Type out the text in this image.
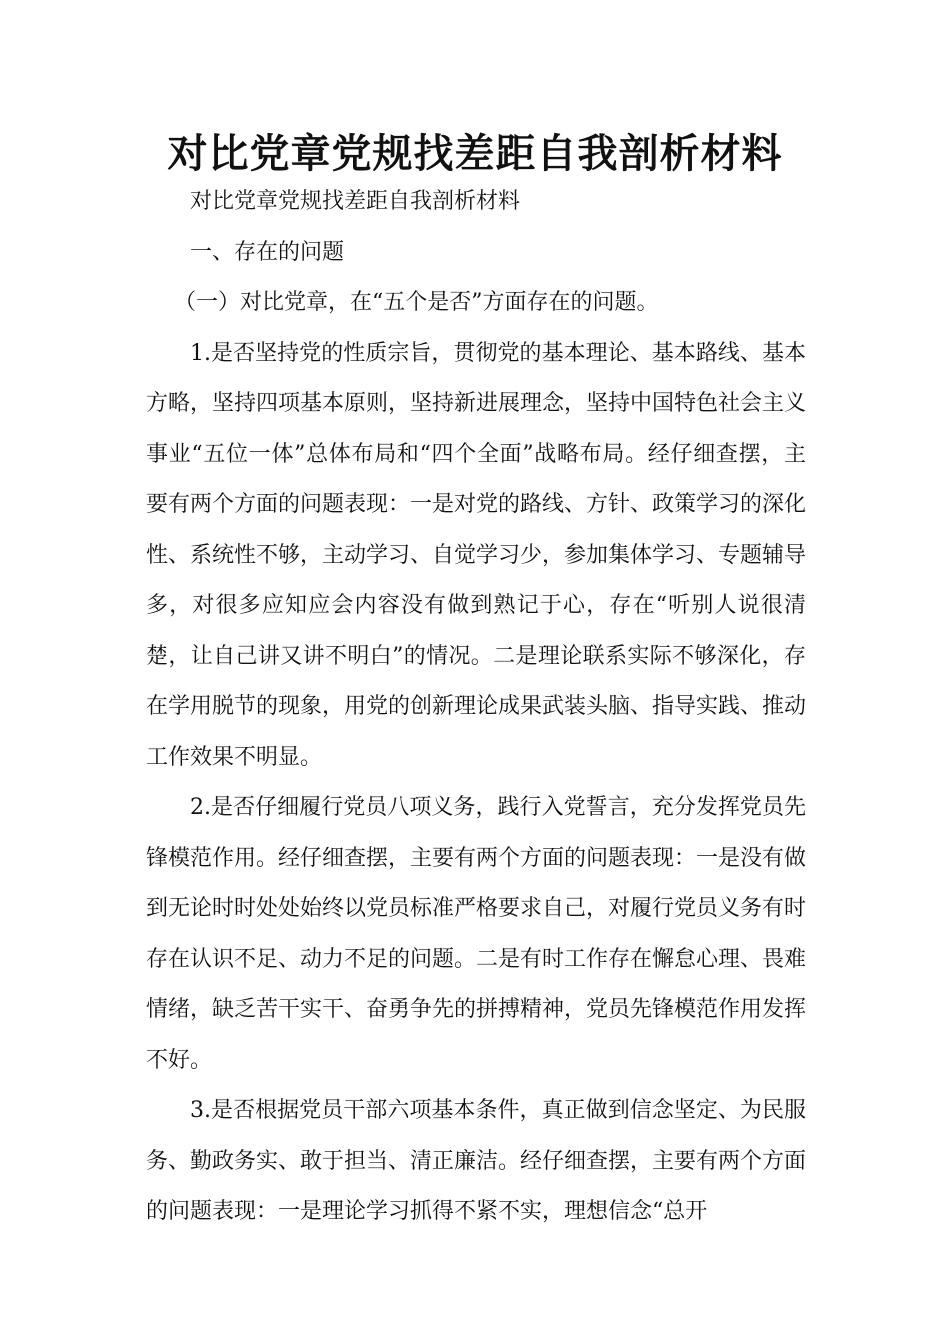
对比党章党规找差距自我剖析材料

对比党章党规找差距自我剖析材料

一、存在的问题

（一）对比党章，在“五个是否”方面存在的问题。

1.是否坚持党的性质宗旨，贯彻党的基本理论、基本路线、基本方略，坚持四项基本原则，坚持新进展理念，坚持中国特色社会主义事业“五位一体”总体布局和“四个全面”战略布局。经仔细查摆，主要有两个方面的问题表现：一是对党的路线、方针、政策学习的深化性、系统性不够，主动学习、自觉学习少，参加集体学习、专题辅导多，对很多应知应会内容没有做到熟记于心，存在“听别人说很清楚，让自己讲又讲不明白”的情况。二是理论联系实际不够深化，存在学用脱节的现象，用党的创新理论成果武装头脑、指导实践、推动工作效果不明显。

2.是否仔细履行党员八项义务，践行入党誓言，充分发挥党员先锋模范作用。经仔细查摆，主要有两个方面的问题表现：一是没有做到无论时时处处始终以党员标准严格要求自己，对履行党员义务有时存在认识不足、动力不足的问题。二是有时工作存在懈怠心理、畏难情绪，缺乏苦干实干、奋勇争先的拼搏精神，党员先锋模范作用发挥不好。

3.是否根据党员干部六项基本条件，真正做到信念坚定、为民服务、勤政务实、敢于担当、清正廉洁。经仔细查摆，主要有两个方面的问题表现：一是理论学习抓得不紧不实，理想信念“总开
